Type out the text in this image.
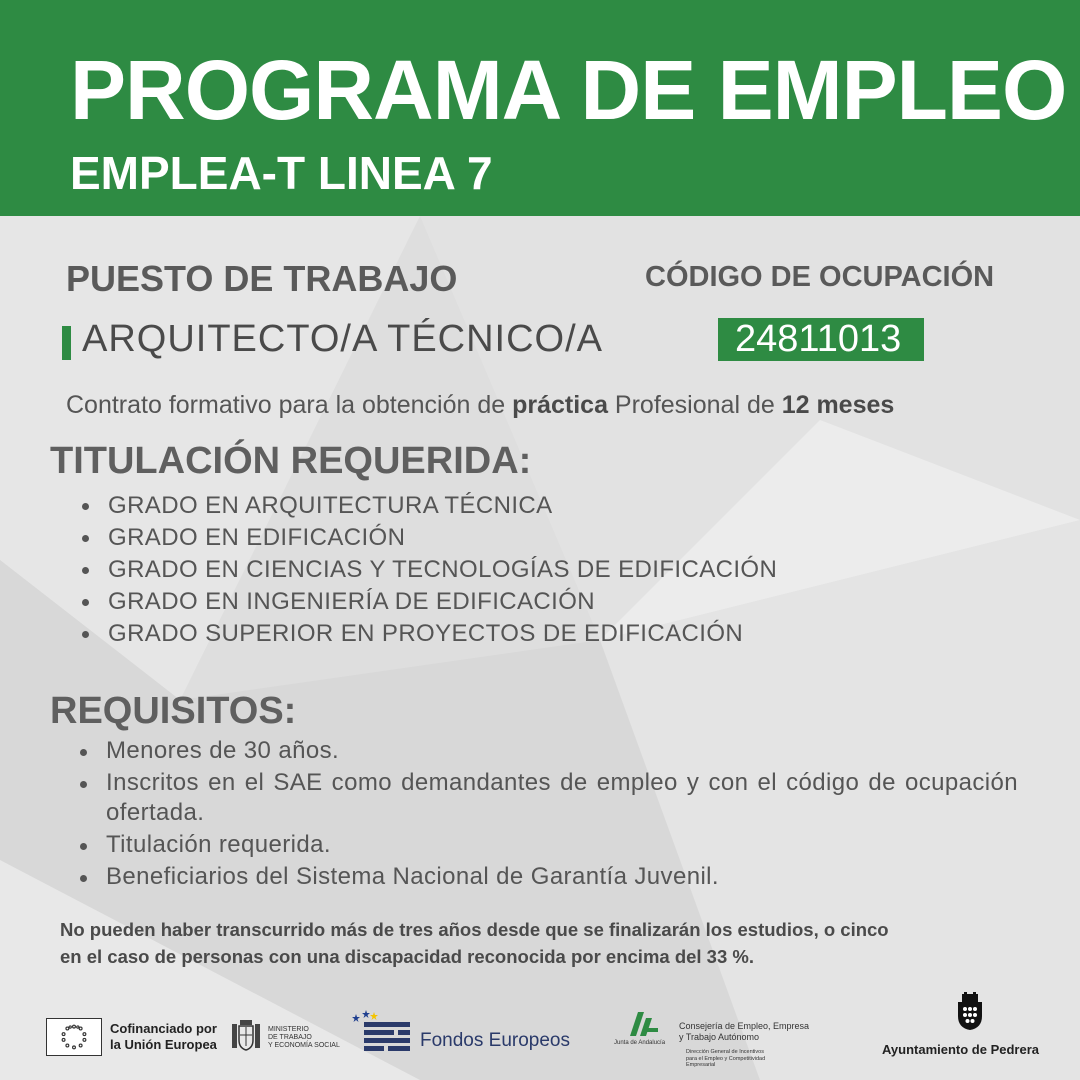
PROGRAMA DE EMPLEO
EMPLEA-T LINEA 7
PUESTO DE TRABAJO	CÓDIGO DE OCUPACIÓN
ARQUITECTO/A TÉCNICO/A	24811013
Contrato formativo para la obtención de práctica Profesional de 12 meses
TITULACIÓN REQUERIDA:
GRADO EN ARQUITECTURA TÉCNICA
GRADO EN EDIFICACIÓN
GRADO EN CIENCIAS Y TECNOLOGÍAS DE EDIFICACIÓN
GRADO EN INGENIERÍA DE EDIFICACIÓN
GRADO SUPERIOR EN PROYECTOS DE EDIFICACIÓN
REQUISITOS:
Menores de 30 años.
Inscritos en el SAE como demandantes de empleo y con el código de ocupación ofertada.
Titulación requerida.
Beneficiarios del Sistema Nacional de Garantía Juvenil.
No pueden haber transcurrido más de tres años desde que se finalizarán los estudios, o cinco
en el caso de personas con una discapacidad reconocida por encima del 33 %.
Cofinanciado por
la Unión Europea
MINISTERIO
DE TRABAJO
Y ECONOMÍA SOCIAL	Fondos Europeos	Junta de Andalucía
Consejería de Empleo, Empresa
y Trabajo Autónomo
Dirección General de Incentivos
para el Empleo y Competitividad
Empresarial
Ayuntamiento de Pedrera
